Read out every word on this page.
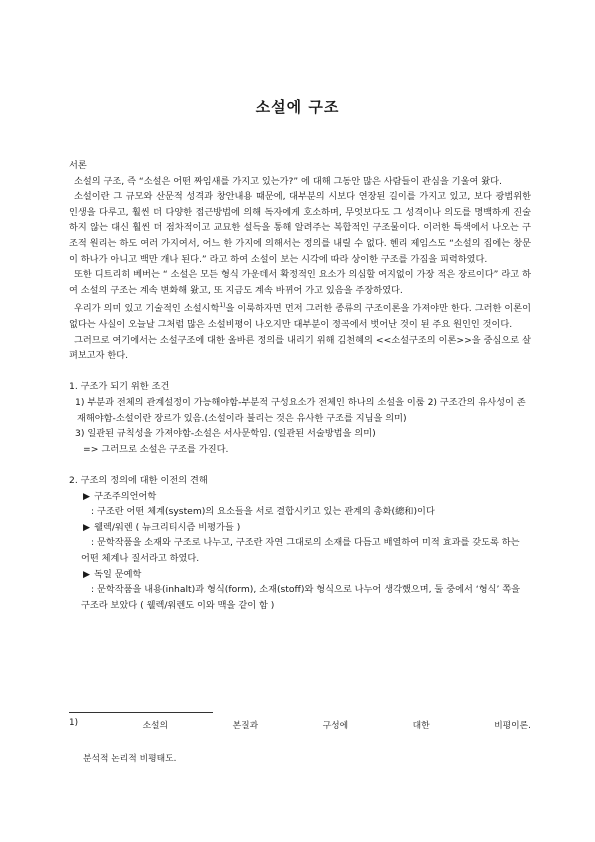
소설에 구조

서론

소설의 구조, 즉 “소설은 어떤 짜임새를 가지고 있는가?” 에 대해 그동안 많은 사람들이 관심을 기울여 왔다.

소설이란 그 규모와 산문적 성격과 창안내용 때문에, 대부분의 시보다 연장된 길이를 가지고 있고, 보다 광범위한 인생을 다루고, 훨씬 더 다양한 접근방법에 의해 독자에게 호소하며, 무엇보다도 그 성격이나 의도를 명백하게 진술하지 않는 대신 훨씬 더 점차적이고 교묘한 설득을 통해 알려주는 복합적인 구조물이다. 이러한 특색에서 나오는 구조적 원리는 하도 여러 가지여서, 어느 한 가지에 의해서는 정의를 내릴 수 없다. 헨리 제임스도 “소설의 집에는 창문이 하나가 아니고 백만 개나 된다.” 라고 하여 소설이 보는 시각에 따라 상이한 구조를 가짐을 피력하였다.

또한 디트리히 베버는 “ 소설은 모든 형식 가운데서 확정적인 요소가 의심할 여지없이 가장 적은 장르이다” 라고 하여 소설의 구조는 계속 변화해 왔고, 또 지금도 계속 바뀌어 가고 있음을 주장하였다.

우리가 의미 있고 기술적인 소설시학$^{1)}$을 이룩하자면 먼저 그러한 종류의 구조이론을 가져야만 한다. 그러한 이론이 없다는 사실이 오늘날 그처럼 많은 소설비평이 나오지만 대부분이 정곡에서 벗어난 것이 된 주요 원인인 것이다.

그러므로 여기에서는 소설구조에 대한 올바른 정의를 내리기 위해 김천혜의 <<소설구조의 이론>>을 중심으로 살펴보고자 한다.

1. 구조가 되기 위한 조건

1) 부분과 전체의 관계설정이 가능해야함-부분적 구성요소가 전체인 하나의 소설을 이룸 2) 구조간의 유사성이 존재해야함-소설이란 장르가 있음.(소설이라 불리는 것은 유사한 구조를 지님을 의미)

3) 일관된 규칙성을 가져야함-소설은 서사문학임. (일관된 서술방법을 의미)

=> 그러므로 소설은 구조를 가진다.

2. 구조의 정의에 대한 이전의 견해

▶ 구조주의언어학

: 구조란 어떤 체계(system)의 요소들을 서로 결합시키고 있는 관계의 총화(總和)이다

▶ 웰렉/워렌 ( 뉴크리티시즘 비평가들 )

: 문학작품을 소재와 구조로 나누고, 구조란 자연 그대로의 소재를 다듬고 배열하여 미적 효과를 갖도록 하는 어떤 체계나 질서라고 하였다.

▶ 독일 문예학

: 문학작품을 내용(inhalt)과 형식(form), 소재(stoff)와 형식으로 나누어 생각했으며, 둘 중에서 ‘형식’ 쪽을 구조라 보았다 ( 웰렉/워렌도 이와 맥을 같이 함 )

1)	소설의	본질과	구성에	대한	비평이론.
분석적 논리적 비평태도.
